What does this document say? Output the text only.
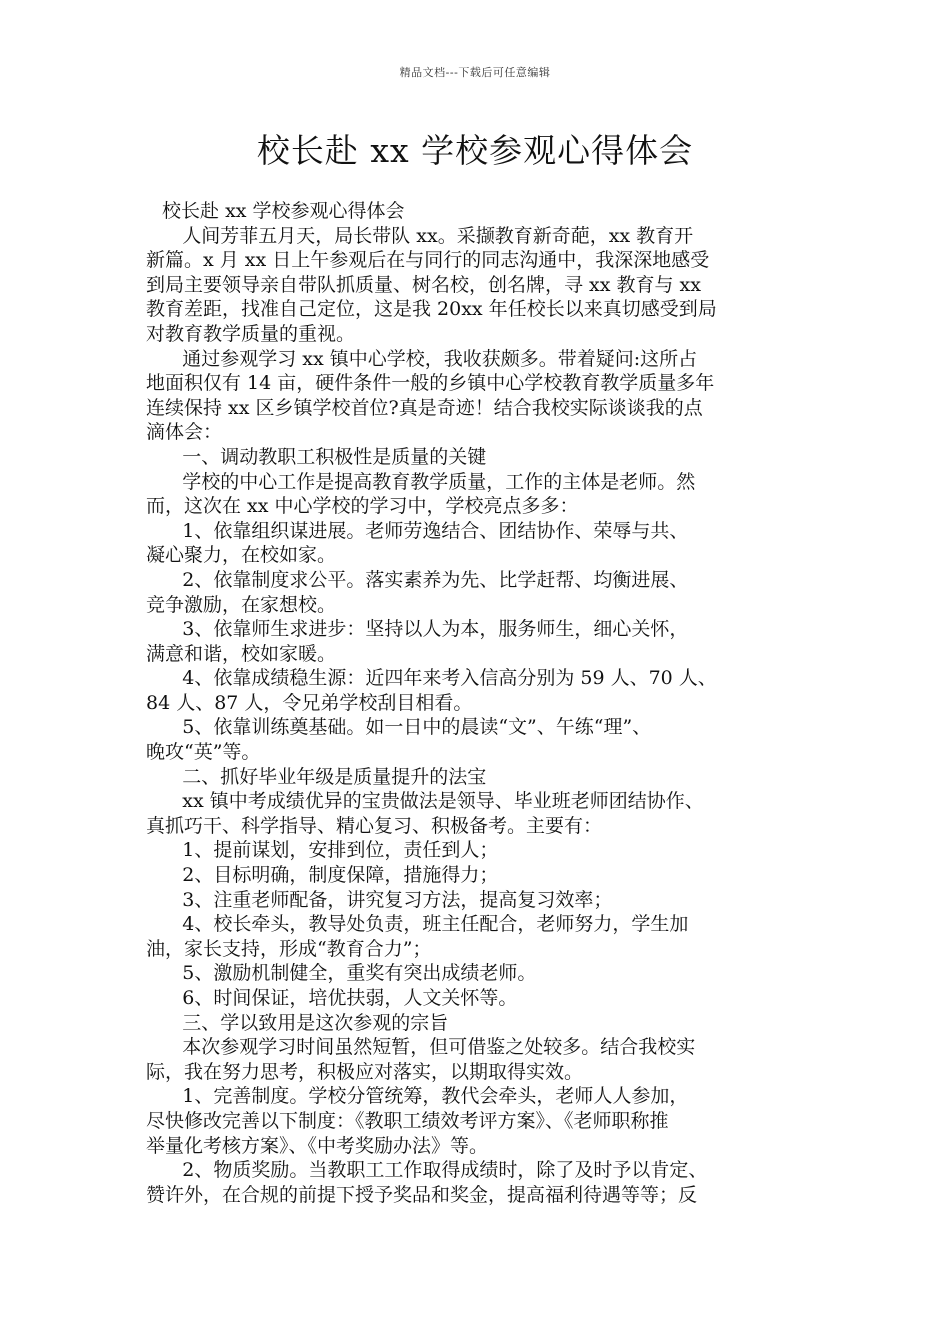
精品文档---下载后可任意编辑
校长赴 xx 学校参观心得体会

校长赴 xx 学校参观心得体会

人间芳菲五月天，局长带队 xx。采撷教育新奇葩，xx 教育开

新篇。x 月 xx 日上午参观后在与同行的同志沟通中，我深深地感受

到局主要领导亲自带队抓质量、树名校，创名牌，寻 xx 教育与 xx

教育差距，找准自己定位，这是我 20xx 年任校长以来真切感受到局

对教育教学质量的重视。

通过参观学习 xx 镇中心学校，我收获颇多。带着疑问:这所占

地面积仅有 14 亩，硬件条件一般的乡镇中心学校教育教学质量多年

连续保持 xx 区乡镇学校首位?真是奇迹！结合我校实际谈谈我的点

滴体会：

一、调动教职工积极性是质量的关键

学校的中心工作是提高教育教学质量，工作的主体是老师。然

而，这次在 xx 中心学校的学习中，学校亮点多多：

1、依靠组织谋进展。老师劳逸结合、团结协作、荣辱与共、

凝心聚力，在校如家。

2、依靠制度求公平。落实素养为先、比学赶帮、均衡进展、

竞争激励，在家想校。

3、依靠师生求进步：坚持以人为本，服务师生，细心关怀，

满意和谐，校如家暖。

4、依靠成绩稳生源：近四年来考入信高分别为 59 人、70 人、

84 人、87 人，令兄弟学校刮目相看。

5、依靠训练奠基础。如一日中的晨读“文”、午练“理”、

晚攻“英”等。

二、抓好毕业年级是质量提升的法宝

xx 镇中考成绩优异的宝贵做法是领导、毕业班老师团结协作、

真抓巧干、科学指导、精心复习、积极备考。主要有：

1、提前谋划，安排到位，责任到人；

2、目标明确，制度保障，措施得力；

3、注重老师配备，讲究复习方法，提高复习效率；

4、校长牵头，教导处负责，班主任配合，老师努力，学生加

油，家长支持，形成“教育合力”；

5、激励机制健全，重奖有突出成绩老师。

6、时间保证，培优扶弱，人文关怀等。

三、学以致用是这次参观的宗旨

本次参观学习时间虽然短暂，但可借鉴之处较多。结合我校实

际，我在努力思考，积极应对落实，以期取得实效。

1、完善制度。学校分管统筹，教代会牵头，老师人人参加，

尽快修改完善以下制度：《教职工绩效考评方案》、《老师职称推

举量化考核方案》、《中考奖励办法》等。

2、物质奖励。当教职工工作取得成绩时，除了及时予以肯定、

赞许外，在合规的前提下授予奖品和奖金，提高福利待遇等等；反
